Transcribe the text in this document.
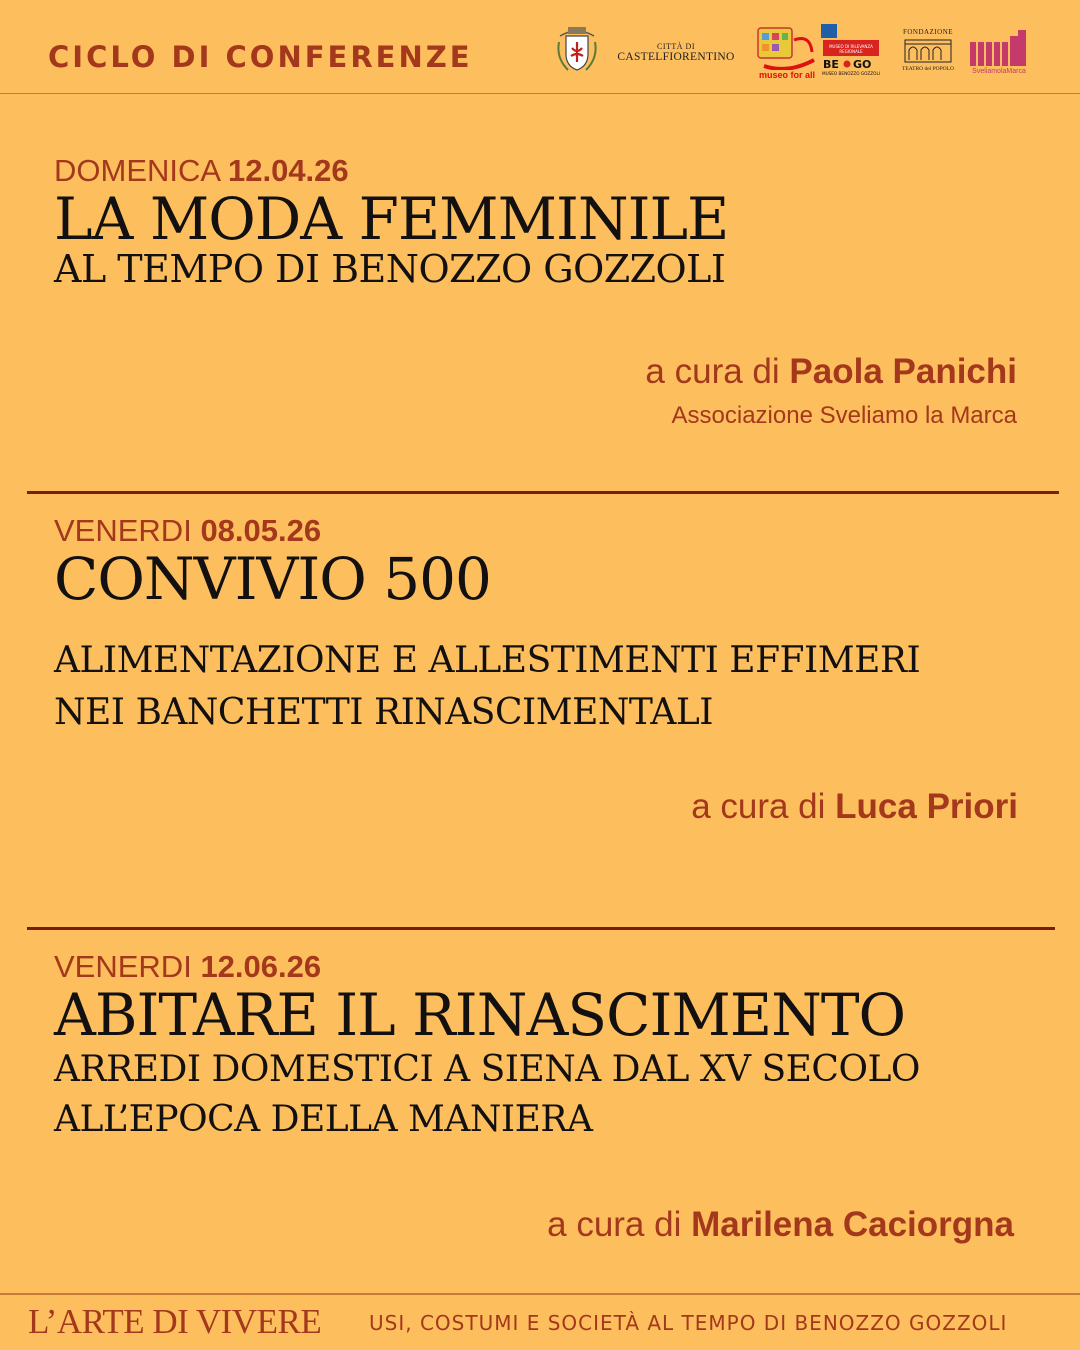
CICLO DI CONFERENZE	CITTÀ DI
CASTELFIORENTINO
museo for all
MUSEO DI RILEVANZA
REGIONALE
BE GO
MUSEO BENOZZO GOZZOLI
FONDAZIONE
TEATRO del POPOLO	SveliamolaMarca
DOMENICA 12.04.26
LA MODA FEMMINILE
AL TEMPO DI BENOZZO GOZZOLI
a cura di Paola Panichi
Associazione Sveliamo la Marca
VENERDI 08.05.26
CONVIVIO 500
ALIMENTAZIONE E ALLESTIMENTI EFFIMERI
NEI BANCHETTI RINASCIMENTALI
a cura di Luca Priori
VENERDI 12.06.26
ABITARE IL RINASCIMENTO
ARREDI DOMESTICI A SIENA DAL XV SECOLO
ALL’EPOCA DELLA MANIERA
a cura di Marilena Caciorgna
L’ARTE DI VIVERE USI, COSTUMI E SOCIETÀ AL TEMPO DI BENOZZO GOZZOLI
